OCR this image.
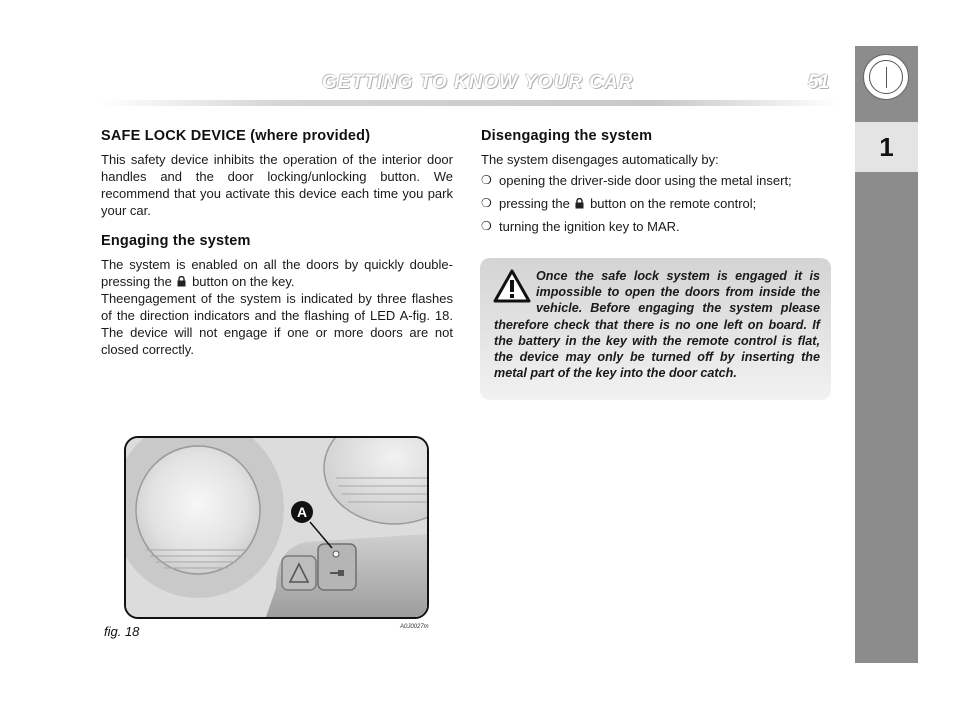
GETTING TO KNOW YOUR CAR	51
1
SAFE LOCK DEVICE (where provided)

This safety device inhibits the operation of the interior door handles and the door locking/unlocking button. We recommend that you activate this device each time you park your car.

Engaging the system

The system is enabled on all the doors by quickly double-pressing the button on the key.

Theengagement of the system is indicated by three flashes of the direction indicators and the flashing of LED A-fig. 18. The device will not engage if one or more doors are not closed correctly.

Disengaging the system

The system disengages automatically by:

❍ opening the driver-side door using the metal insert;
❍ pressing the button on the remote control;
❍ turning the ignition key to MAR.

Once the safe lock system is engaged it is impossible to open the doors from inside the vehicle. Before engaging the system please therefore check that there is no one left on board. If the battery in the key with the remote control is flat, the device may only be turned off by inserting the metal part of the key into the door catch.

A
fig. 18	A0J0027m
